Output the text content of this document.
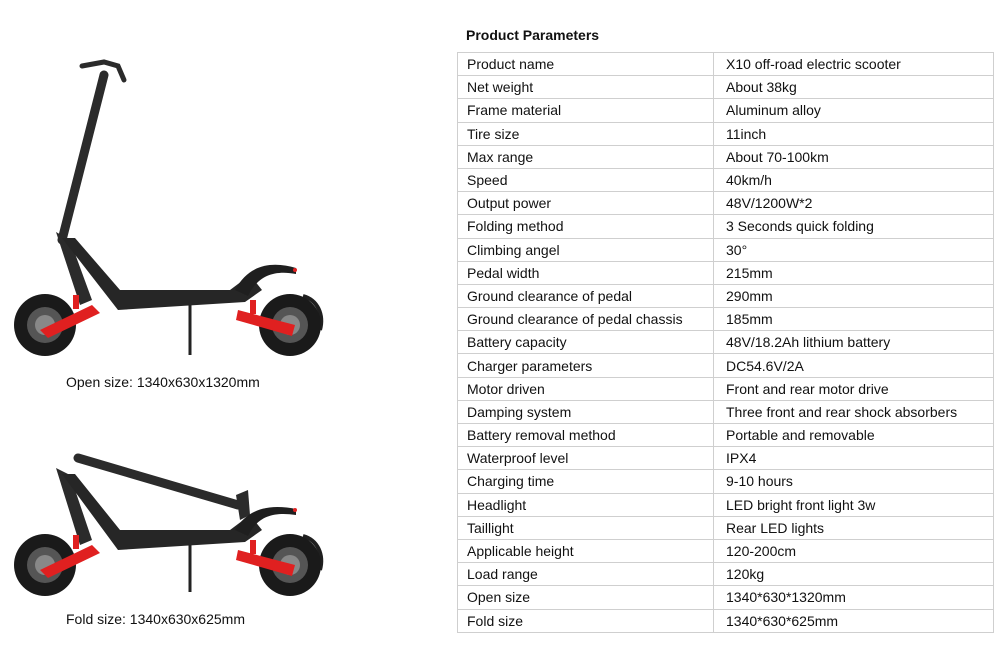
Open size: 1340x630x1320mm
Fold size: 1340x630x625mm
Product Parameters
Product name	X10 off-road electric scooter
Net weight	About 38kg
Frame material	Aluminum alloy
Tire size	11inch
Max range	About 70-100km
Speed	40km/h
Output power	48V/1200W*2
Folding method	3 Seconds quick folding
Climbing angel	30°
Pedal width	215mm
Ground clearance of pedal	290mm
Ground clearance of pedal chassis	185mm
Battery capacity	48V/18.2Ah lithium battery
Charger parameters	DC54.6V/2A
Motor driven	Front and rear motor drive
Damping system	Three front and rear shock absorbers
Battery removal method	Portable and removable
Waterproof level	IPX4
Charging time	9-10 hours
Headlight	LED bright front light 3w
Taillight	Rear LED lights
Applicable height	120-200cm
Load range	120kg
Open size	1340*630*1320mm
Fold size	1340*630*625mm
